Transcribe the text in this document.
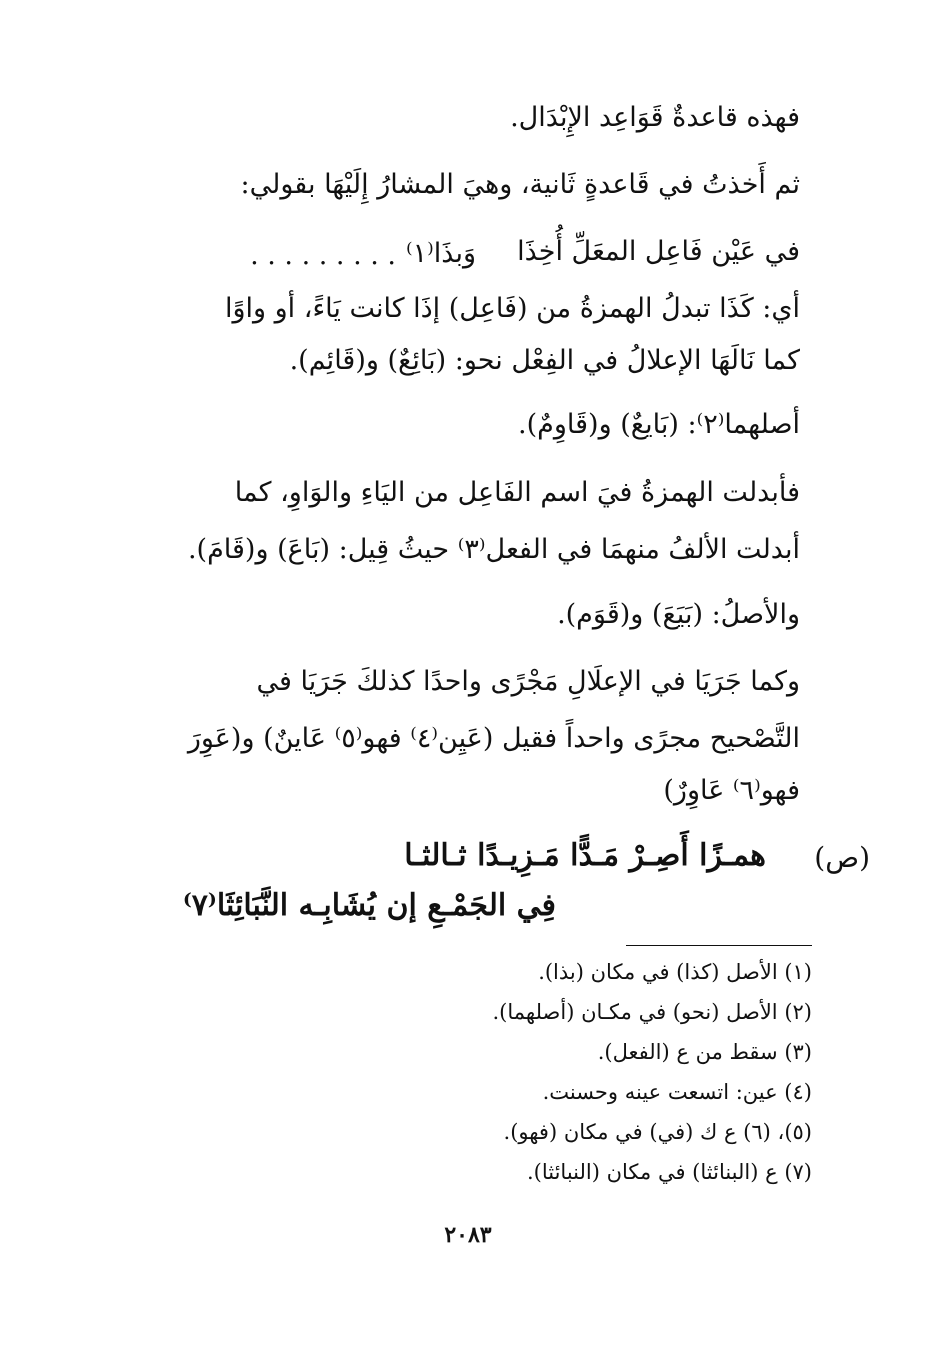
فهذه قاعدةٌ قَوَاعِد الإِبْدَال.
ثم أَخذتُ في قَاعدةٍ ثَانية، وهيَ المشارُ إِلَيْهَا بقولي:
في عَيْن فَاعِل المعَلِّ أُخِذَا
وَبذَا⁽١⁾
. . . . . . . . .
أي: كَذَا تبدلُ الهمزةُ من (فَاعِل) إذَا كانت يَاءً، أو واوًا
كما نَالَهَا الإعلالُ في الفِعْل نحو: (بَائِعٌ) و(قَائِم).
أصلهما⁽٢⁾: (بَايعٌ) و(قَاوِمٌ).
فأبدلت الهمزةُ فيَ اسم الفَاعِل من اليَاءِ والوَاوِ، كما
أبدلت الألفُ منهمَا في الفعل⁽٣⁾ حيثُ قِيل: (بَاعَ) و(قَامَ).
والأصلُ: (بَيَعَ) و(قَوَم).
وكما جَرَيَا في الإعلَالِ مَجْرًى واحدًا كذلكَ جَرَيَا في
التَّصْحيح مجرًى واحداً فقيل (عَيِن⁽٤⁾ فهو⁽٥⁾ عَاينٌ) و(عَوِرَ
فهو⁽٦⁾ عَاوِرٌ)
(ص)
همـزًا أَصِـرْ مَـدًّا مَـزِيـدًا ثـالثـا
فِي الجَمْـعِ إن يُشَابِـه النَّبَائِثَا⁽٧⁾
(١) الأصل (كذا) في مكان (بذا).
(٢) الأصل (نحو) في مكـان (أصلهما).
(٣) سقط من ع (الفعل).
(٤) عين: اتسعت عينه وحسنت.
(٥)، (٦) ع ك (في) في مكان (فهو).
(٧) ع (البنائثا) في مكان (النبائثا).
٢٠٨٣
